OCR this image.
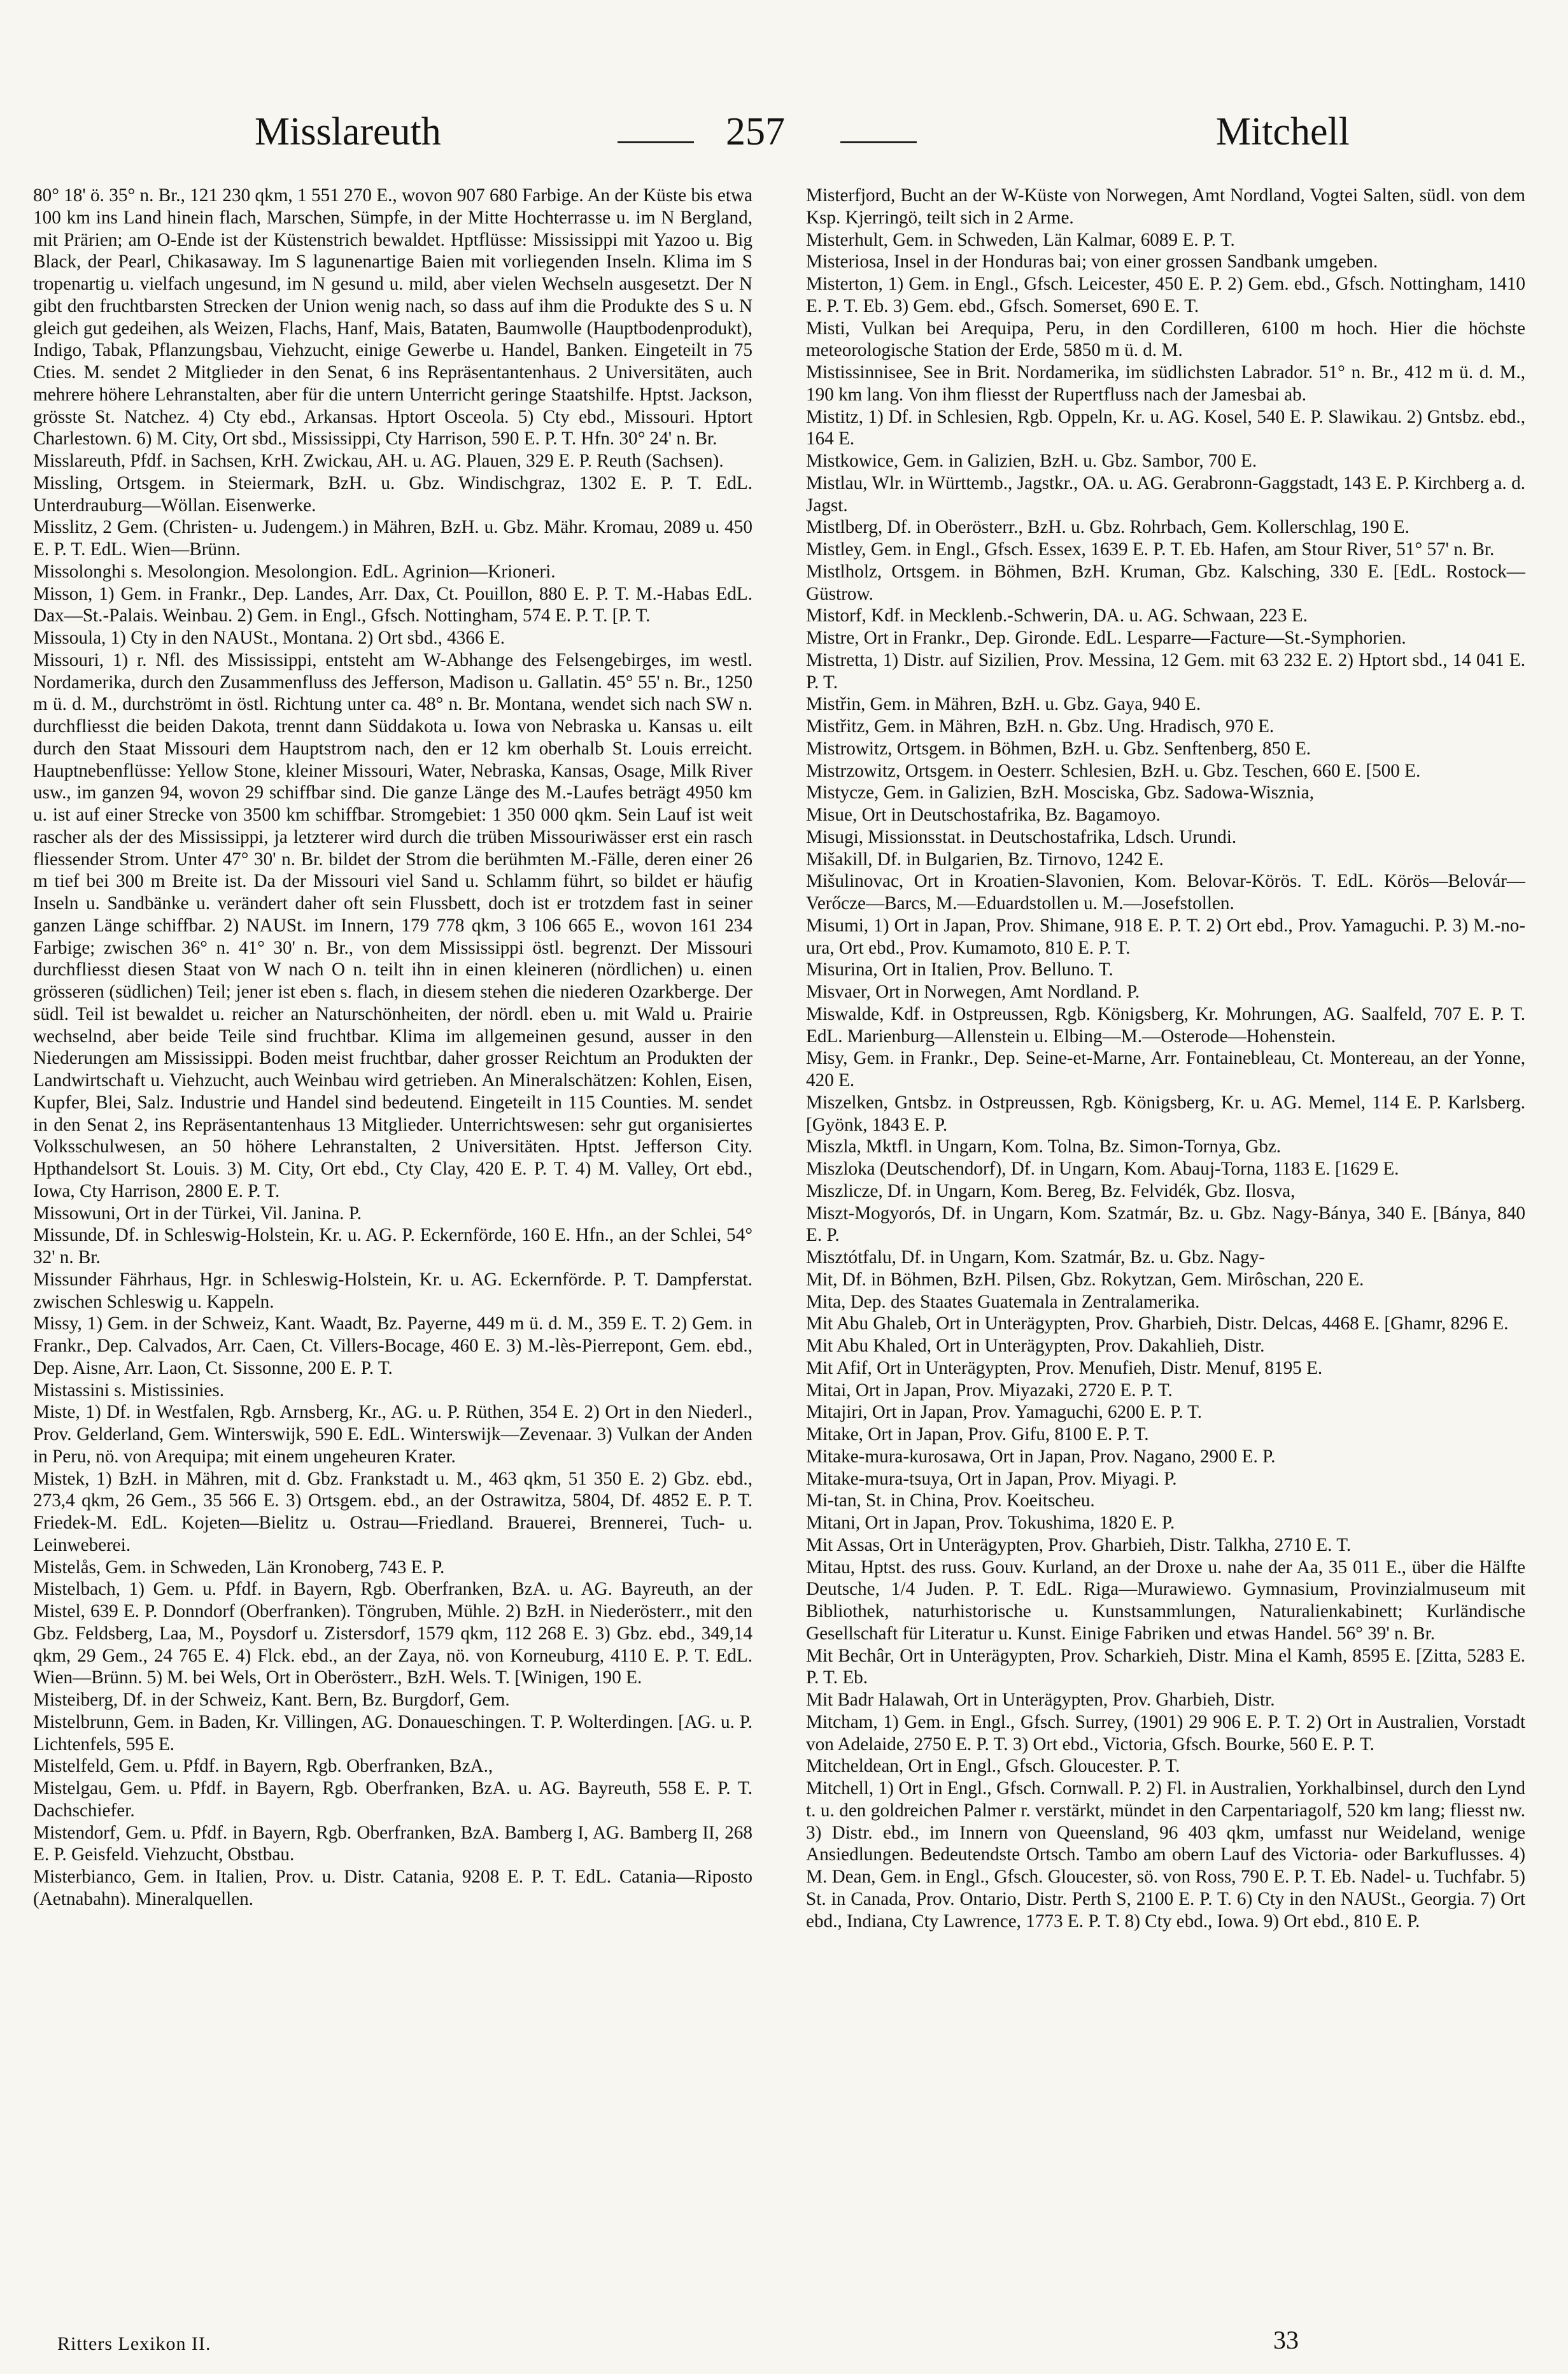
Misslareuth	257	Mitchell

80° 18' ö. 35° n. Br., 121 230 qkm, 1 551 270 E., wovon 907 680 Farbige. An der Küste bis etwa 100 km ins Land hinein flach, Marschen, Sümpfe, in der Mitte Hochterrasse u. im N Bergland, mit Prärien; am O-Ende ist der Küstenstrich bewaldet. Hptflüsse: Mississippi mit Yazoo u. Big Black, der Pearl, Chikasaway. Im S lagunenartige Baien mit vorliegenden Inseln. Klima im S tropenartig u. vielfach ungesund, im N gesund u. mild, aber vielen Wechseln ausgesetzt. Der N gibt den fruchtbarsten Strecken der Union wenig nach, so dass auf ihm die Produkte des S u. N gleich gut gedeihen, als Weizen, Flachs, Hanf, Mais, Bataten, Baumwolle (Hauptbodenprodukt), Indigo, Tabak, Pflanzungsbau, Viehzucht, einige Gewerbe u. Handel, Banken. Eingeteilt in 75 Cties. M. sendet 2 Mitglieder in den Senat, 6 ins Repräsentantenhaus. 2 Universitäten, auch mehrere höhere Lehranstalten, aber für die untern Unterricht geringe Staatshilfe. Hptst. Jackson, grösste St. Natchez. 4) Cty ebd., Arkansas. Hptort Osceola. 5) Cty ebd., Missouri. Hptort Charlestown. 6) M. City, Ort sbd., Mississippi, Cty Harrison, 590 E. P. T. Hfn. 30° 24' n. Br.

Misslareuth, Pfdf. in Sachsen, KrH. Zwickau, AH. u. AG. Plauen, 329 E. P. Reuth (Sachsen).

Missling, Ortsgem. in Steiermark, BzH. u. Gbz. Windischgraz, 1302 E. P. T. EdL. Unterdrauburg—Wöllan. Eisenwerke.

Misslitz, 2 Gem. (Christen- u. Judengem.) in Mähren, BzH. u. Gbz. Mähr. Kromau, 2089 u. 450 E. P. T. EdL. Wien—Brünn.

Missolonghi s. Mesolongion. Mesolongion. EdL. Agrinion—Krioneri.

Misson, 1) Gem. in Frankr., Dep. Landes, Arr. Dax, Ct. Pouillon, 880 E. P. T. M.-Habas EdL. Dax—St.-Palais. Weinbau. 2) Gem. in Engl., Gfsch. Nottingham, 574 E. P. T. [P. T.

Missoula, 1) Cty in den NAUSt., Montana. 2) Ort sbd., 4366 E.

Missouri, 1) r. Nfl. des Mississippi, entsteht am W-Abhange des Felsengebirges, im westl. Nordamerika, durch den Zusammenfluss des Jefferson, Madison u. Gallatin. 45° 55' n. Br., 1250 m ü. d. M., durchströmt in östl. Richtung unter ca. 48° n. Br. Montana, wendet sich nach SW n. durchfliesst die beiden Dakota, trennt dann Süddakota u. Iowa von Nebraska u. Kansas u. eilt durch den Staat Missouri dem Hauptstrom nach, den er 12 km oberhalb St. Louis erreicht. Hauptnebenflüsse: Yellow Stone, kleiner Missouri, Water, Nebraska, Kansas, Osage, Milk River usw., im ganzen 94, wovon 29 schiffbar sind. Die ganze Länge des M.-Laufes beträgt 4950 km u. ist auf einer Strecke von 3500 km schiffbar. Stromgebiet: 1 350 000 qkm. Sein Lauf ist weit rascher als der des Mississippi, ja letzterer wird durch die trüben Missouriwässer erst ein rasch fliessender Strom. Unter 47° 30' n. Br. bildet der Strom die berühmten M.-Fälle, deren einer 26 m tief bei 300 m Breite ist. Da der Missouri viel Sand u. Schlamm führt, so bildet er häufig Inseln u. Sandbänke u. verändert daher oft sein Flussbett, doch ist er trotzdem fast in seiner ganzen Länge schiffbar. 2) NAUSt. im Innern, 179 778 qkm, 3 106 665 E., wovon 161 234 Farbige; zwischen 36° n. 41° 30' n. Br., von dem Mississippi östl. begrenzt. Der Missouri durchfliesst diesen Staat von W nach O n. teilt ihn in einen kleineren (nördlichen) u. einen grösseren (südlichen) Teil; jener ist eben s. flach, in diesem stehen die niederen Ozarkberge. Der südl. Teil ist bewaldet u. reicher an Naturschönheiten, der nördl. eben u. mit Wald u. Prairie wechselnd, aber beide Teile sind fruchtbar. Klima im allgemeinen gesund, ausser in den Niederungen am Mississippi. Boden meist fruchtbar, daher grosser Reichtum an Produkten der Landwirtschaft u. Viehzucht, auch Weinbau wird getrieben. An Mineralschätzen: Kohlen, Eisen, Kupfer, Blei, Salz. Industrie und Handel sind bedeutend. Eingeteilt in 115 Counties. M. sendet in den Senat 2, ins Repräsentantenhaus 13 Mitglieder. Unterrichtswesen: sehr gut organisiertes Volksschulwesen, an 50 höhere Lehranstalten, 2 Universitäten. Hptst. Jefferson City. Hpthandelsort St. Louis. 3) M. City, Ort ebd., Cty Clay, 420 E. P. T. 4) M. Valley, Ort ebd., Iowa, Cty Harrison, 2800 E. P. T.

Missowuni, Ort in der Türkei, Vil. Janina. P.

Missunde, Df. in Schleswig-Holstein, Kr. u. AG. P. Eckernförde, 160 E. Hfn., an der Schlei, 54° 32' n. Br.

Missunder Fährhaus, Hgr. in Schleswig-Holstein, Kr. u. AG. Eckernförde. P. T. Dampferstat. zwischen Schleswig u. Kappeln.

Missy, 1) Gem. in der Schweiz, Kant. Waadt, Bz. Payerne, 449 m ü. d. M., 359 E. T. 2) Gem. in Frankr., Dep. Calvados, Arr. Caen, Ct. Villers-Bocage, 460 E. 3) M.-lès-Pierrepont, Gem. ebd., Dep. Aisne, Arr. Laon, Ct. Sissonne, 200 E. P. T.

Mistassini s. Mistissinies.

Miste, 1) Df. in Westfalen, Rgb. Arnsberg, Kr., AG. u. P. Rüthen, 354 E. 2) Ort in den Niederl., Prov. Gelderland, Gem. Winterswijk, 590 E. EdL. Winterswijk—Zevenaar. 3) Vulkan der Anden in Peru, nö. von Arequipa; mit einem ungeheuren Krater.

Mistek, 1) BzH. in Mähren, mit d. Gbz. Frankstadt u. M., 463 qkm, 51 350 E. 2) Gbz. ebd., 273,4 qkm, 26 Gem., 35 566 E. 3) Ortsgem. ebd., an der Ostrawitza, 5804, Df. 4852 E. P. T. Friedek-M. EdL. Kojeten—Bielitz u. Ostrau—Friedland. Brauerei, Brennerei, Tuch- u. Leinweberei.

Mistelås, Gem. in Schweden, Län Kronoberg, 743 E. P.

Mistelbach, 1) Gem. u. Pfdf. in Bayern, Rgb. Oberfranken, BzA. u. AG. Bayreuth, an der Mistel, 639 E. P. Donndorf (Oberfranken). Töngruben, Mühle. 2) BzH. in Niederösterr., mit den Gbz. Feldsberg, Laa, M., Poysdorf u. Zistersdorf, 1579 qkm, 112 268 E. 3) Gbz. ebd., 349,14 qkm, 29 Gem., 24 765 E. 4) Flck. ebd., an der Zaya, nö. von Korneuburg, 4110 E. P. T. EdL. Wien—Brünn. 5) M. bei Wels, Ort in Oberösterr., BzH. Wels. T. [Winigen, 190 E.

Misteiberg, Df. in der Schweiz, Kant. Bern, Bz. Burgdorf, Gem.

Mistelbrunn, Gem. in Baden, Kr. Villingen, AG. Donaueschingen. T. P. Wolterdingen. [AG. u. P. Lichtenfels, 595 E.

Mistelfeld, Gem. u. Pfdf. in Bayern, Rgb. Oberfranken, BzA.,

Mistelgau, Gem. u. Pfdf. in Bayern, Rgb. Oberfranken, BzA. u. AG. Bayreuth, 558 E. P. T. Dachschiefer.

Mistendorf, Gem. u. Pfdf. in Bayern, Rgb. Oberfranken, BzA. Bamberg I, AG. Bamberg II, 268 E. P. Geisfeld. Viehzucht, Obstbau.

Misterbianco, Gem. in Italien, Prov. u. Distr. Catania, 9208 E. P. T. EdL. Catania—Riposto (Aetnabahn). Mineralquellen.

Misterfjord, Bucht an der W-Küste von Norwegen, Amt Nordland, Vogtei Salten, südl. von dem Ksp. Kjerringö, teilt sich in 2 Arme.

Misterhult, Gem. in Schweden, Län Kalmar, 6089 E. P. T.

Misteriosa, Insel in der Honduras bai; von einer grossen Sandbank umgeben.

Misterton, 1) Gem. in Engl., Gfsch. Leicester, 450 E. P. 2) Gem. ebd., Gfsch. Nottingham, 1410 E. P. T. Eb. 3) Gem. ebd., Gfsch. Somerset, 690 E. T.

Misti, Vulkan bei Arequipa, Peru, in den Cordilleren, 6100 m hoch. Hier die höchste meteorologische Station der Erde, 5850 m ü. d. M.

Mistissinnisee, See in Brit. Nordamerika, im südlichsten Labrador. 51° n. Br., 412 m ü. d. M., 190 km lang. Von ihm fliesst der Rupertfluss nach der Jamesbai ab.

Mistitz, 1) Df. in Schlesien, Rgb. Oppeln, Kr. u. AG. Kosel, 540 E. P. Slawikau. 2) Gntsbz. ebd., 164 E.

Mistkowice, Gem. in Galizien, BzH. u. Gbz. Sambor, 700 E.

Mistlau, Wlr. in Württemb., Jagstkr., OA. u. AG. Gerabronn-Gaggstadt, 143 E. P. Kirchberg a. d. Jagst.

Mistlberg, Df. in Oberösterr., BzH. u. Gbz. Rohrbach, Gem. Kollerschlag, 190 E.

Mistley, Gem. in Engl., Gfsch. Essex, 1639 E. P. T. Eb. Hafen, am Stour River, 51° 57' n. Br.

Mistlholz, Ortsgem. in Böhmen, BzH. Kruman, Gbz. Kalsching, 330 E. [EdL. Rostock—Güstrow.

Mistorf, Kdf. in Mecklenb.-Schwerin, DA. u. AG. Schwaan, 223 E.

Mistre, Ort in Frankr., Dep. Gironde. EdL. Lesparre—Facture—St.-Symphorien.

Mistretta, 1) Distr. auf Sizilien, Prov. Messina, 12 Gem. mit 63 232 E. 2) Hptort sbd., 14 041 E. P. T.

Mistřin, Gem. in Mähren, BzH. u. Gbz. Gaya, 940 E.

Mistřitz, Gem. in Mähren, BzH. n. Gbz. Ung. Hradisch, 970 E.

Mistrowitz, Ortsgem. in Böhmen, BzH. u. Gbz. Senftenberg, 850 E.

Mistrzowitz, Ortsgem. in Oesterr. Schlesien, BzH. u. Gbz. Teschen, 660 E. [500 E.

Mistycze, Gem. in Galizien, BzH. Mosciska, Gbz. Sadowa-Wisznia,

Misue, Ort in Deutschostafrika, Bz. Bagamoyo.

Misugi, Missionsstat. in Deutschostafrika, Ldsch. Urundi.

Mišakill, Df. in Bulgarien, Bz. Tirnovo, 1242 E.

Mišulinovac, Ort in Kroatien-Slavonien, Kom. Belovar-Körös. T. EdL. Körös—Belovár—Verőcze—Barcs, M.—Eduardstollen u. M.—Josefstollen.

Misumi, 1) Ort in Japan, Prov. Shimane, 918 E. P. T. 2) Ort ebd., Prov. Yamaguchi. P. 3) M.-no-ura, Ort ebd., Prov. Kumamoto, 810 E. P. T.

Misurina, Ort in Italien, Prov. Belluno. T.

Misvaer, Ort in Norwegen, Amt Nordland. P.

Miswalde, Kdf. in Ostpreussen, Rgb. Königsberg, Kr. Mohrungen, AG. Saalfeld, 707 E. P. T. EdL. Marienburg—Allenstein u. Elbing—M.—Osterode—Hohenstein.

Misy, Gem. in Frankr., Dep. Seine-et-Marne, Arr. Fontainebleau, Ct. Montereau, an der Yonne, 420 E.

Miszelken, Gntsbz. in Ostpreussen, Rgb. Königsberg, Kr. u. AG. Memel, 114 E. P. Karlsberg. [Gyönk, 1843 E. P.

Miszla, Mktfl. in Ungarn, Kom. Tolna, Bz. Simon-Tornya, Gbz.

Miszloka (Deutschendorf), Df. in Ungarn, Kom. Abauj-Torna, 1183 E. [1629 E.

Miszlicze, Df. in Ungarn, Kom. Bereg, Bz. Felvidék, Gbz. Ilosva,

Miszt-Mogyorós, Df. in Ungarn, Kom. Szatmár, Bz. u. Gbz. Nagy-Bánya, 340 E. [Bánya, 840 E. P.

Misztótfalu, Df. in Ungarn, Kom. Szatmár, Bz. u. Gbz. Nagy-

Mit, Df. in Böhmen, BzH. Pilsen, Gbz. Rokytzan, Gem. Mirôschan, 220 E.

Mita, Dep. des Staates Guatemala in Zentralamerika.

Mit Abu Ghaleb, Ort in Unterägypten, Prov. Gharbieh, Distr. Delcas, 4468 E. [Ghamr, 8296 E.

Mit Abu Khaled, Ort in Unterägypten, Prov. Dakahlieh, Distr.

Mit Afif, Ort in Unterägypten, Prov. Menufieh, Distr. Menuf, 8195 E.

Mitai, Ort in Japan, Prov. Miyazaki, 2720 E. P. T.

Mitajiri, Ort in Japan, Prov. Yamaguchi, 6200 E. P. T.

Mitake, Ort in Japan, Prov. Gifu, 8100 E. P. T.

Mitake-mura-kurosawa, Ort in Japan, Prov. Nagano, 2900 E. P.

Mitake-mura-tsuya, Ort in Japan, Prov. Miyagi. P.

Mi-tan, St. in China, Prov. Koeitscheu.

Mitani, Ort in Japan, Prov. Tokushima, 1820 E. P.

Mit Assas, Ort in Unterägypten, Prov. Gharbieh, Distr. Talkha, 2710 E. T.

Mitau, Hptst. des russ. Gouv. Kurland, an der Droxe u. nahe der Aa, 35 011 E., über die Hälfte Deutsche, 1/4 Juden. P. T. EdL. Riga—Murawiewo. Gymnasium, Provinzialmuseum mit Bibliothek, naturhistorische u. Kunstsammlungen, Naturalienkabinett; Kurländische Gesellschaft für Literatur u. Kunst. Einige Fabriken und etwas Handel. 56° 39' n. Br.

Mit Bechâr, Ort in Unterägypten, Prov. Scharkieh, Distr. Mina el Kamh, 8595 E. [Zitta, 5283 E. P. T. Eb.

Mit Badr Halawah, Ort in Unterägypten, Prov. Gharbieh, Distr.

Mitcham, 1) Gem. in Engl., Gfsch. Surrey, (1901) 29 906 E. P. T. 2) Ort in Australien, Vorstadt von Adelaide, 2750 E. P. T. 3) Ort ebd., Victoria, Gfsch. Bourke, 560 E. P. T.

Mitcheldean, Ort in Engl., Gfsch. Gloucester. P. T.

Mitchell, 1) Ort in Engl., Gfsch. Cornwall. P. 2) Fl. in Australien, Yorkhalbinsel, durch den Lynd t. u. den goldreichen Palmer r. verstärkt, mündet in den Carpentariagolf, 520 km lang; fliesst nw. 3) Distr. ebd., im Innern von Queensland, 96 403 qkm, umfasst nur Weideland, wenige Ansiedlungen. Bedeutendste Ortsch. Tambo am obern Lauf des Victoria- oder Barkuflusses. 4) M. Dean, Gem. in Engl., Gfsch. Gloucester, sö. von Ross, 790 E. P. T. Eb. Nadel- u. Tuchfabr. 5) St. in Canada, Prov. Ontario, Distr. Perth S, 2100 E. P. T. 6) Cty in den NAUSt., Georgia. 7) Ort ebd., Indiana, Cty Lawrence, 1773 E. P. T. 8) Cty ebd., Iowa. 9) Ort ebd., 810 E. P.

Ritters Lexikon II.	33
